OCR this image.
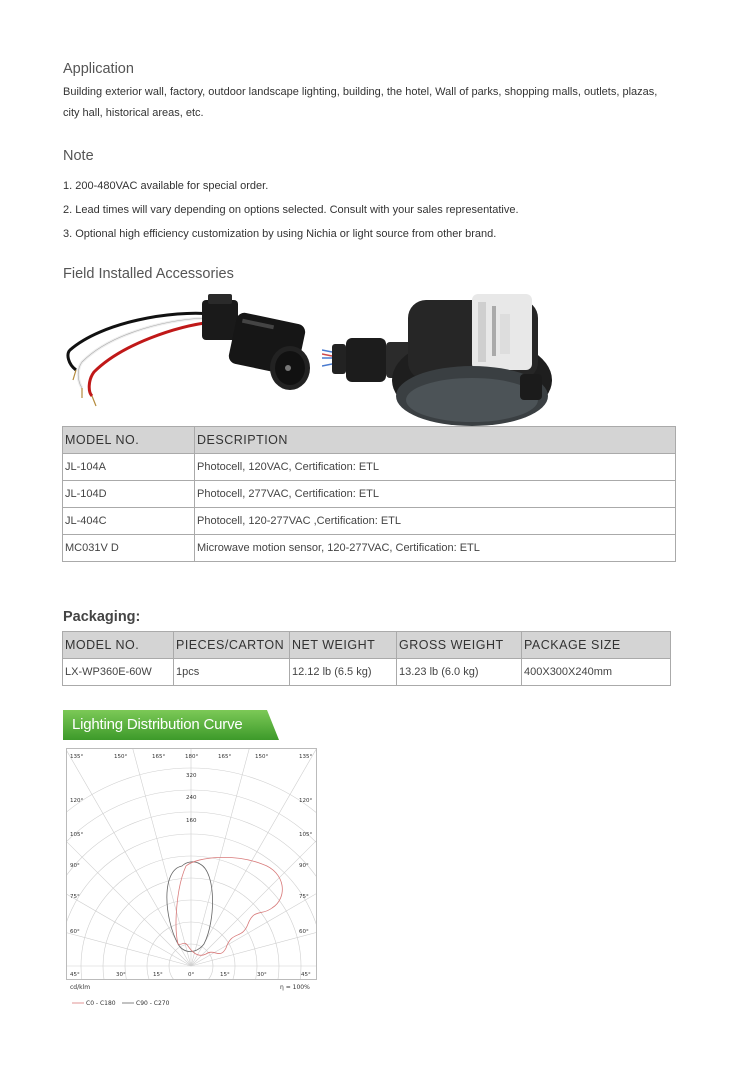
Application
Building exterior wall, factory, outdoor landscape lighting, building, the hotel, Wall of parks, shopping malls, outlets, plazas,
city hall, historical areas, etc.
Note
1. 200-480VAC available for special order.
2. Lead times will vary depending on options selected. Consult with your sales representative.
3. Optional high efficiency customization by using Nichia or light source from other brand.
Field Installed Accessories
MODEL NO.	DESCRIPTION
JL-104A	Photocell, 120VAC, Certification: ETL
JL-104D	Photocell, 277VAC, Certification: ETL
JL-404C	Photocell, 120-277VAC ,Certification: ETL
MC031V D	Microwave motion sensor, 120-277VAC, Certification: ETL
Packaging:
MODEL NO.	PIECES/CARTON	NET WEIGHT	GROSS WEIGHT	PACKAGE SIZE
LX-WP360E-60W	1pcs	12.12 lb (6.5 kg)	13.23 lb (6.0 kg)	400X300X240mm
Lighting Distribution Curve
135°	150°	165°	180°	165°	150°	135°
120°
105°
90°
75°
60°
120°
105°
90°
75°
60°
45°	30°	15°	0°	15°	30°	45°
320
240
160
cd/klm	η = 100%
C0 - C180	C90 - C270
